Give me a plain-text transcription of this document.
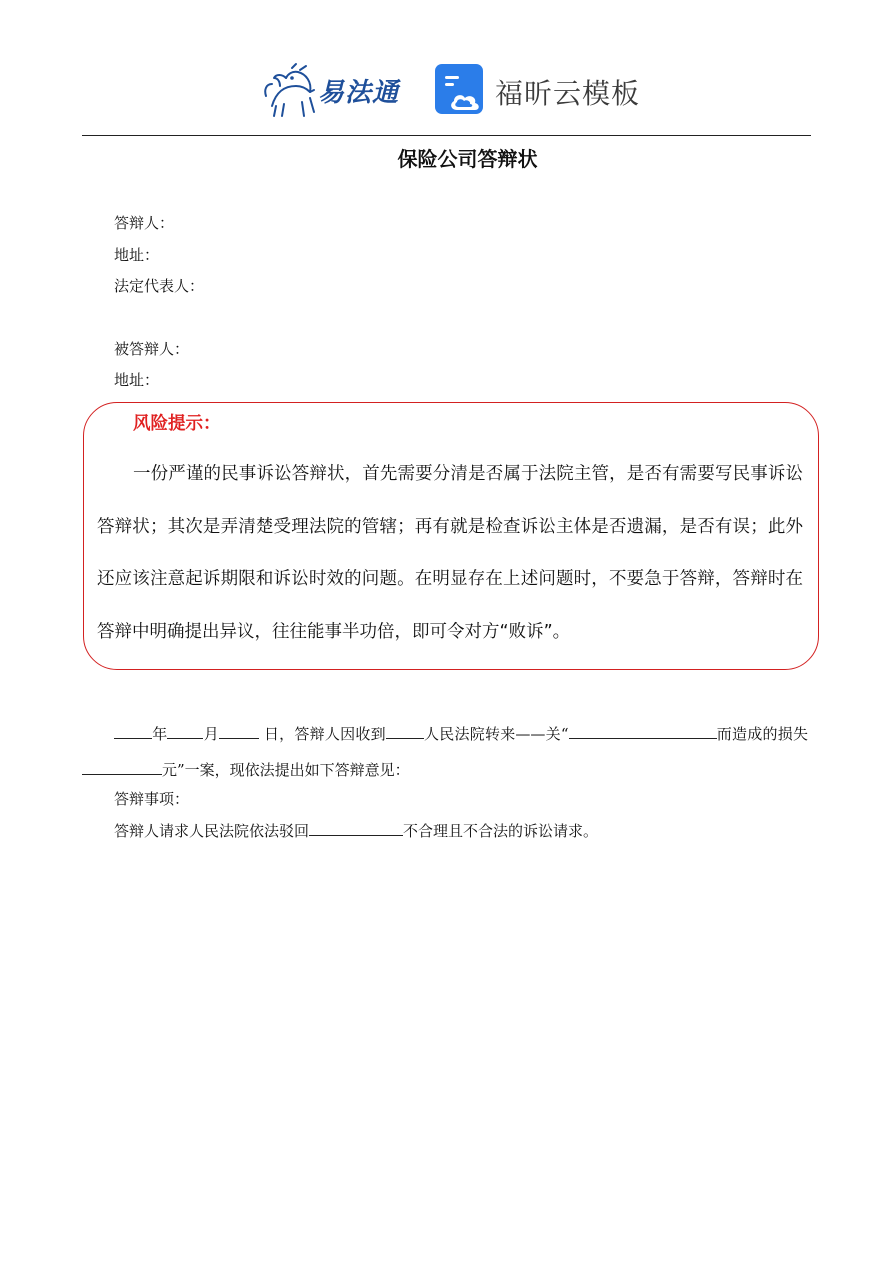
易法通	福昕云模板
保险公司答辩状
答辩人：
地址：
法定代表人：
被答辩人：
地址：
风险提示：
一份严谨的民事诉讼答辩状，首先需要分清是否属于法院主管，是否有需要写民事诉讼答辩状；其次是弄清楚受理法院的管辖；再有就是检查诉讼主体是否遗漏，是否有误；此外还应该注意起诉期限和诉讼时效的问题。在明显存在上述问题时，不要急于答辩，答辩时在答辩中明确提出异议，往往能事半功倍，即可令对方“败诉”。
年 月	日，答辩人因收到	人民法院转来——关“	而造成的损失元”一案，现依法提出如下答辩意见：
答辩事项：
答辩人请求人民法院依法驳回	不合理且不合法的诉讼请求。
